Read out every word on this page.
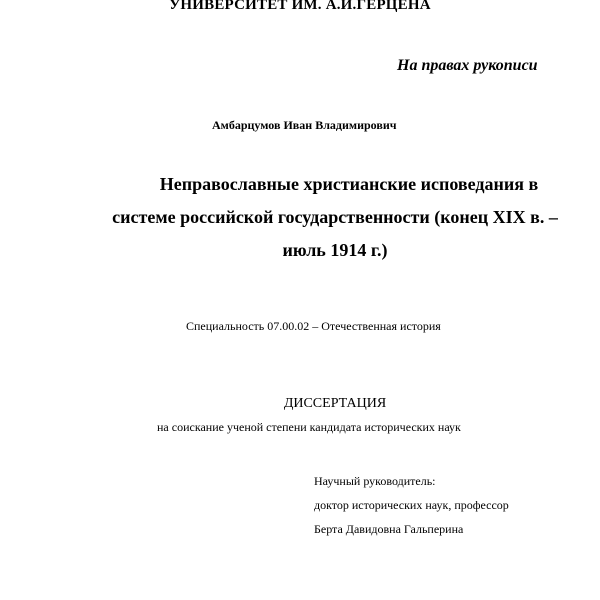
УНИВЕРСИТЕТ ИМ. А.И.ГЕРЦЕНА
На правах рукописи
Амбарцумов Иван Владимирович
Неправославные христианские исповедания в
системе российской государственности (конец XIX в. –
июль 1914 г.)
Специальность 07.00.02 – Отечественная история
ДИССЕРТАЦИЯ
на соискание ученой степени кандидата исторических наук
Научный руководитель:
доктор исторических наук, профессор
Берта Давидовна Гальперина
